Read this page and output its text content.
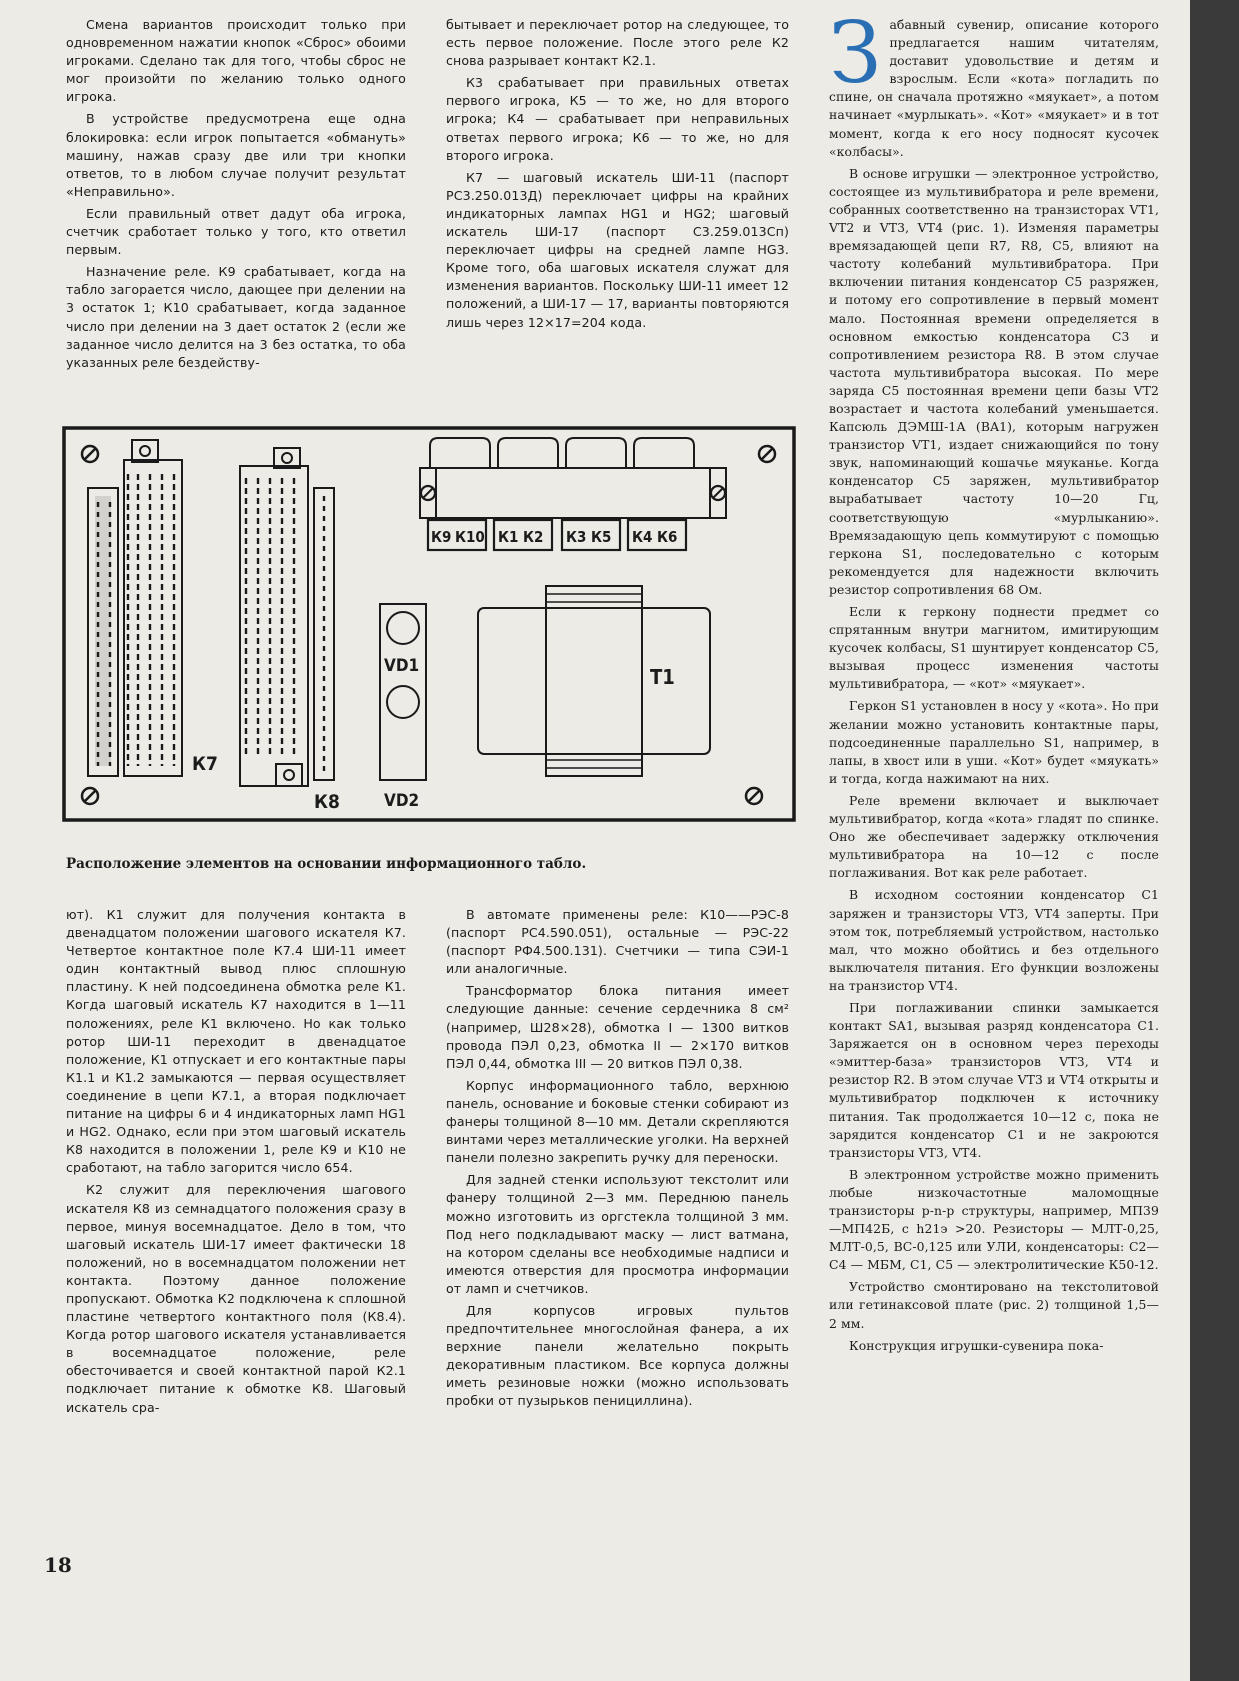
Смена вариантов происходит только при одновременном нажатии кнопок «Сброс» обоими игроками. Сделано так для того, чтобы сброс не мог произойти по желанию только одного игрока.

В устройстве предусмотрена еще одна блокировка: если игрок попытается «обмануть» машину, нажав сразу две или три кнопки ответов, то в любом случае получит результат «Неправильно».

Если правильный ответ дадут оба игрока, счетчик сработает только у того, кто ответил первым.

Назначение реле. К9 срабатывает, когда на табло загорается число, дающее при делении на 3 остаток 1; К10 срабатывает, когда заданное число при делении на 3 дает остаток 2 (если же заданное число делится на 3 без остатка, то оба указанных реле бездейству-

бытывает и переключает ротор на следующее, то есть первое положение. После этого реле К2 снова разрывает контакт К2.1.

К3 срабатывает при правильных ответах первого игрока, К5 — то же, но для второго игрока; К4 — срабатывает при неправильных ответах первого игрока; К6 — то же, но для второго игрока.

К7 — шаговый искатель ШИ-11 (паспорт РС3.250.013Д) переключает цифры на крайних индикаторных лампах HG1 и HG2; шаговый искатель ШИ-17 (паспорт С3.259.013Сп) переключает цифры на средней лампе HG3. Кроме того, оба шаговых искателя служат для изменения вариантов. Поскольку ШИ-11 имеет 12 положений, а ШИ-17 — 17, варианты повторяются лишь через 12×17=204 кода.

З абавный сувенир, описание которого предлагается нашим читателям, доставит удовольствие и детям и взрослым. Если «кота» погладить по спине, он сначала протяжно «мяукает», а потом начинает «мурлыкать». «Кот» «мяукает» и в тот момент, когда к его носу подносят кусочек «колбасы».

В основе игрушки — электронное устройство, состоящее из мультивибратора и реле времени, собранных соответственно на транзисторах VT1, VT2 и VT3, VT4 (рис. 1). Изменяя параметры времязадающей цепи R7, R8, C5, влияют на частоту колебаний мультивибратора. При включении питания конденсатор C5 разряжен, и потому его сопротивление в первый момент мало. Постоянная времени определяется в основном емкостью конденсатора C3 и сопротивлением резистора R8. В этом случае частота мультивибратора высокая. По мере заряда C5 постоянная времени цепи базы VT2 возрастает и частота колебаний уменьшается. Капсюль ДЭМШ-1А (BA1), которым нагружен транзистор VT1, издает снижающийся по тону звук, напоминающий кошачье мяуканье. Когда конденсатор C5 заряжен, мультивибратор вырабатывает частоту 10—20 Гц, соответствующую «мурлыканию». Времязадающую цепь коммутируют с помощью геркона S1, последовательно с которым рекомендуется для надежности включить резистор сопротивления 68 Ом.

Если к геркону поднести предмет со спрятанным внутри магнитом, имитирующим кусочек колбасы, S1 шунтирует конденсатор C5, вызывая процесс изменения частоты мультивибратора, — «кот» «мяукает».

Геркон S1 установлен в носу у «кота». Но при желании можно установить контактные пары, подсоединенные параллельно S1, например, в лапы, в хвост или в уши. «Кот» будет «мяукать» и тогда, когда нажимают на них.

Реле времени включает и выключает мультивибратор, когда «кота» гладят по спинке. Оно же обеспечивает задержку отключения мультивибратора на 10—12 с после поглаживания. Вот как реле работает.

В исходном состоянии конденсатор C1 заряжен и транзисторы VT3, VT4 заперты. При этом ток, потребляемый устройством, настолько мал, что можно обойтись и без отдельного выключателя питания. Его функции возложены на транзистор VT4.

При поглаживании спинки замыкается контакт SA1, вызывая разряд конденсатора C1. Заряжается он в основном через переходы «эмиттер-база» транзисторов VT3, VT4 и резистор R2. В этом случае VT3 и VT4 открыты и мультивибратор подключен к источнику питания. Так продолжается 10—12 с, пока не зарядится конденсатор C1 и не закроются транзисторы VT3, VT4.

В электронном устройстве можно применить любые низкочастотные маломощные транзисторы p-n-p структуры, например, МП39—МП42Б, с h21э >20. Резисторы — МЛТ-0,25, МЛТ-0,5, ВС-0,125 или УЛИ, конденсаторы: C2—C4 — МБМ, C1, C5 — электролитические К50-12.

Устройство смонтировано на текстолитовой или гетинаксовой плате (рис. 2) толщиной 1,5—2 мм.

Конструкция игрушки-сувенира пока-

К7
К8
К9 К10 К1 К2 К3 К5 К4 К6
VD1
VD2
Т1
Расположение элементов на основании информационного табло.

ют). К1 служит для получения контакта в двенадцатом положении шагового искателя К7. Четвертое контактное поле К7.4 ШИ-11 имеет один контактный вывод плюс сплошную пластину. К ней подсоединена обмотка реле К1. Когда шаговый искатель К7 находится в 1—11 положениях, реле К1 включено. Но как только ротор ШИ-11 переходит в двенадцатое положение, К1 отпускает и его контактные пары К1.1 и К1.2 замыкаются — первая осуществляет соединение в цепи К7.1, а вторая подключает питание на цифры 6 и 4 индикаторных ламп HG1 и HG2. Однако, если при этом шаговый искатель К8 находится в положении 1, реле К9 и К10 не сработают, на табло загорится число 654.

К2 служит для переключения шагового искателя К8 из семнадцатого положения сразу в первое, минуя восемнадцатое. Дело в том, что шаговый искатель ШИ-17 имеет фактически 18 положений, но в восемнадцатом положении нет контакта. Поэтому данное положение пропускают. Обмотка К2 подключена к сплошной пластине четвертого контактного поля (К8.4). Когда ротор шагового искателя устанавливается в восемнадцатое положение, реле обесточивается и своей контактной парой К2.1 подключает питание к обмотке К8. Шаговый искатель сра-

В автомате применены реле: К10——РЭС-8 (паспорт РС4.590.051), остальные — РЭС-22 (паспорт РФ4.500.131). Счетчики — типа СЭИ-1 или аналогичные.

Трансформатор блока питания имеет следующие данные: сечение сердечника 8 см² (например, Ш28×28), обмотка I — 1300 витков провода ПЭЛ 0,23, обмотка II — 2×170 витков ПЭЛ 0,44, обмотка III — 20 витков ПЭЛ 0,38.

Корпус информационного табло, верхнюю панель, основание и боковые стенки собирают из фанеры толщиной 8—10 мм. Детали скрепляются винтами через металлические уголки. На верхней панели полезно закрепить ручку для переноски.

Для задней стенки используют текстолит или фанеру толщиной 2—3 мм. Переднюю панель можно изготовить из оргстекла толщиной 3 мм. Под него подкладывают маску — лист ватмана, на котором сделаны все необходимые надписи и имеются отверстия для просмотра информации от ламп и счетчиков.

Для корпусов игровых пультов предпочтительнее многослойная фанера, а их верхние панели желательно покрыть декоративным пластиком. Все корпуса должны иметь резиновые ножки (можно использовать пробки от пузырьков пенициллина).

18
